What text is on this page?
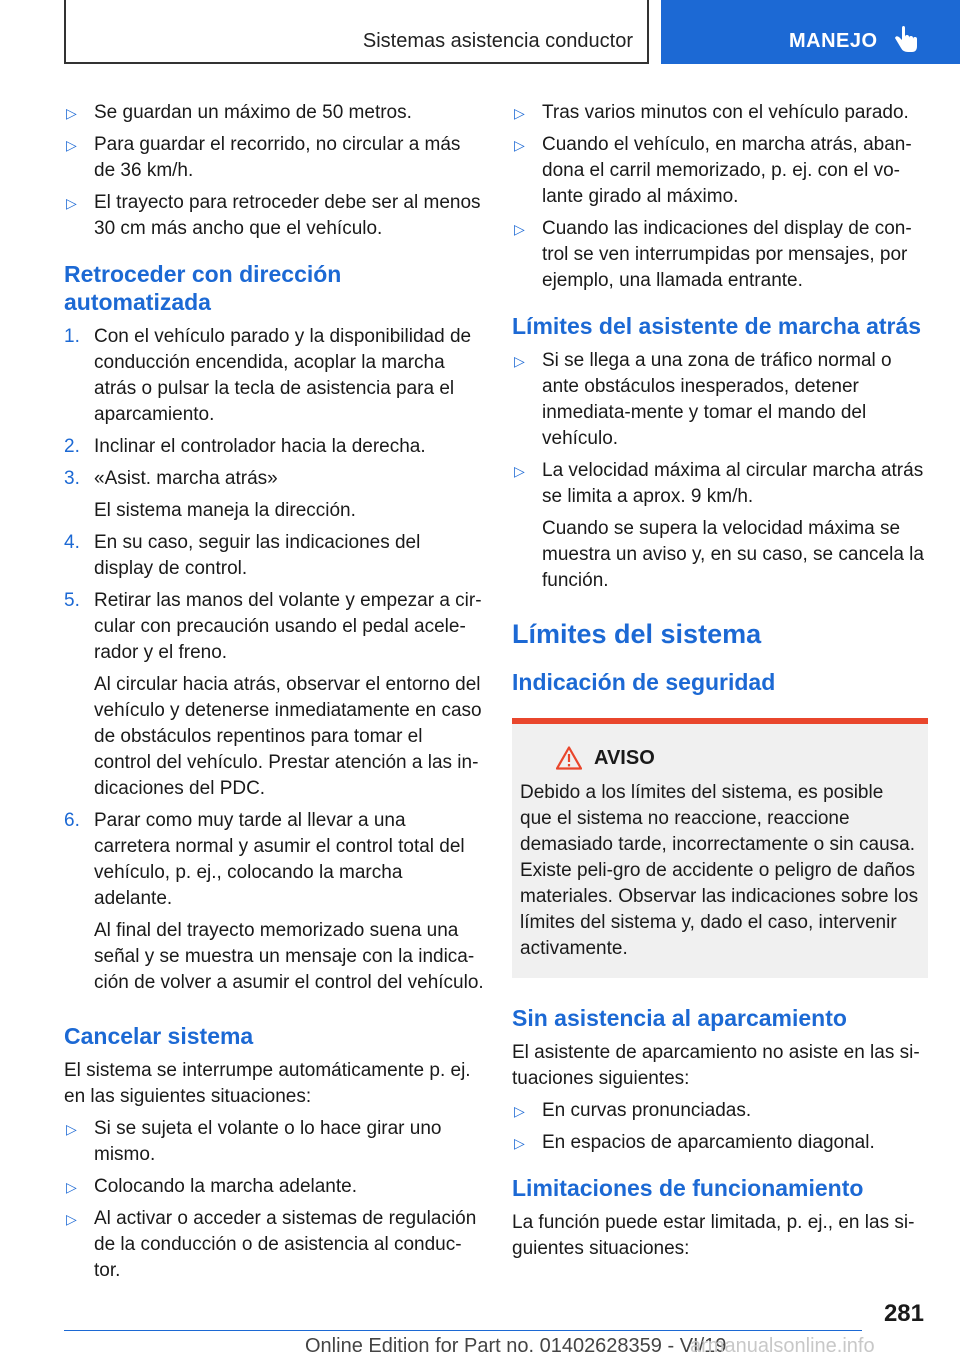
Sistemas asistencia conductor	MANEJO
▷ Se guardan un máximo de 50 metros.
▷ Para guardar el recorrido, no circular a más de 36 km/h.
▷ El trayecto para retroceder debe ser al menos 30 cm más ancho que el vehículo.
Retroceder con dirección automatizada
1. Con el vehículo parado y la disponibilidad de conducción encendida, acoplar la marcha atrás o pulsar la tecla de asistencia para el aparcamiento.
2. Inclinar el controlador hacia la derecha.
3. «Asist. marcha atrás»
El sistema maneja la dirección.
4. En su caso, seguir las indicaciones del display de control.
5. Retirar las manos del volante y empezar a cir-cular con precaución usando el pedal acele-rador y el freno.
Al circular hacia atrás, observar el entorno del vehículo y detenerse inmediatamente en caso de obstáculos repentinos para tomar el control del vehículo. Prestar atención a las in-dicaciones del PDC.
6. Parar como muy tarde al llevar a una carretera normal y asumir el control total del vehículo, p. ej., colocando la marcha adelante.
Al final del trayecto memorizado suena una señal y se muestra un mensaje con la indica-ción de volver a asumir el control del vehículo.
Cancelar sistema

El sistema se interrumpe automáticamente p. ej. en las siguientes situaciones:

▷ Si se sujeta el volante o lo hace girar uno mismo.
▷ Colocando la marcha adelante.
▷ Al activar o acceder a sistemas de regulación de la conducción o de asistencia al conduc-tor.
▷ Tras varios minutos con el vehículo parado.
▷ Cuando el vehículo, en marcha atrás, aban-dona el carril memorizado, p. ej. con el vo-lante girado al máximo.
▷ Cuando las indicaciones del display de con-trol se ven interrumpidas por mensajes, por ejemplo, una llamada entrante.
Límites del asistente de marcha atrás
▷ Si se llega a una zona de tráfico normal o ante obstáculos inesperados, detener inmediata-mente y tomar el mando del vehículo.
▷ La velocidad máxima al circular marcha atrás se limita a aprox. 9 km/h.
Cuando se supera la velocidad máxima se muestra un aviso y, en su caso, se cancela la función.
Límites del sistema
Indicación de seguridad
AVISO

Debido a los límites del sistema, es posible que el sistema no reaccione, reaccione demasiado tarde, incorrectamente o sin causa. Existe peli-gro de accidente o peligro de daños materiales. Observar las indicaciones sobre los límites del sistema y, dado el caso, intervenir activamente.

Sin asistencia al aparcamiento

El asistente de aparcamiento no asiste en las si-tuaciones siguientes:

▷ En curvas pronunciadas.
▷ En espacios de aparcamiento diagonal.
Limitaciones de funcionamiento

La función puede estar limitada, p. ej., en las si-guientes situaciones:

281
Online Edition for Part no. 01402628359 - VI/19
armanualsonline.info
